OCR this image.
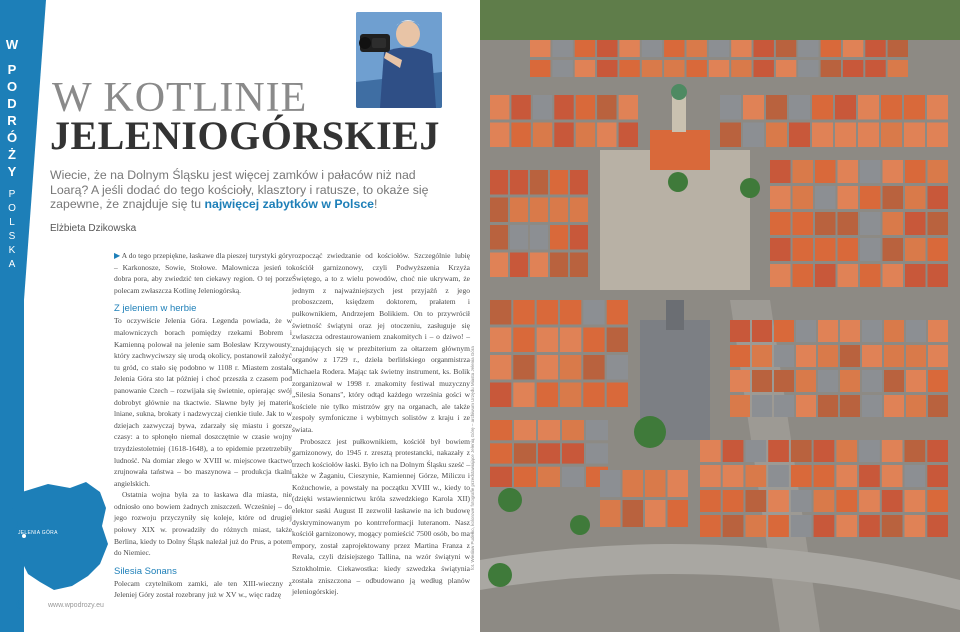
W
P
O
D
R
Ó
Ż
Y
P
O
L
S
K
A
W KOTLINIE
JELENIOGÓRSKIEJ
Wiecie, że na Dolnym Śląsku jest więcej zamków i pałaców niż nad Loarą? A jeśli dodać do tego kościoły, klasztory i ratusze, to okaże się zapewne, że znajduje się tu najwięcej zabytków w Polsce!
Elżbieta Dzikowska

▶ A do tego przepiękne, łaskawe dla pieszej turystyki góry – Karkonosze, Sowie, Stołowe. Malownicza jesień to dobra pora, aby zwiedzić ten ciekawy region. O tej porze polecam zwłaszcza Kotlinę Jeleniogórską.

Z jeleniem w herbie

To oczywiście Jelenia Góra. Legenda powiada, że w malowniczych borach pomiędzy rzekami Bobrem i Kamienną polował na jelenie sam Bolesław Krzywousty, który zachwyciwszy się urodą okolicy, postanowił założyć tu gród, co stało się podobno w 1108 r. Miastem została Jelenia Góra sto lat później i choć przeszła z czasem pod panowanie Czech – rozwijała się świetnie, opierając swój dobrobyt głównie na tkactwie. Sławne były jej materie lniane, sukna, brokaty i nadzwyczaj cienkie tiule. Jak to w dziejach zazwyczaj bywa, zdarzały się miastu i gorsze czasy: a to spłonęło niemal doszczętnie w czasie wojny trzydziestoletniej (1618-1648), a to epidemie przetrzebiły ludność. Na domiar złego w XVIII w. miejscowe tkactwo zrujnowała taństwa – bo maszynowa – produkcja tkalni angielskich.

Ostatnia wojna była za to łaskawa dla miasta, nie odniosło ono bowiem żadnych zniszczeń. Wcześniej – do jego rozwoju przyczyniły się koleje, które od drugiej połowy XIX w. prowadziły do różnych miast, także Berlina, kiedy to Dolny Śląsk należał już do Prus, a potem do Niemiec.

Silesia Sonans

Polecam czytelnikom zamki, ale ten XIII-wieczny z Jeleniej Góry został rozebrany już w XV w., więc radzę

rozpocząć zwiedzanie od kościołów. Szczególnie lubię kościół garnizonowy, czyli Podwyższenia Krzyża Świętego, a to z wielu powodów, choć nie ukrywam, że jednym z najważniejszych jest przyjaźń z jego proboszczem, księdzem doktorem, prałatem i pułkownikiem, Andrzejem Bolikiem. On to przywrócił świetność świątyni oraz jej otoczeniu, zasługuje się zwłaszcza odrestaurowaniem znakomitych i – o dziwo! – znajdujących się w prezbiterium za ołtarzem głównym organów z 1729 r., dzieła berlińskiego organmistrza Michaela Rodera. Mając tak świetny instrument, ks. Bolik zorganizował w 1998 r. znakomity festiwal muzyczny „Silesia Sonans", który odtąd każdego września gości w kościele nie tylko mistrzów gry na organach, ale także zespoły symfoniczne i wybitnych solistów z kraju i ze świata.

Proboszcz jest pułkownikiem, kościół był bowiem garnizonowy, do 1945 r. zresztą protestancki, nakazały z trzech kościołów łaski. Było ich na Dolnym Śląsku sześć – także w Żaganiu, Cieszynie, Kamiennej Górze, Miliczu i Kożuchowie, a powstały na początku XVIII w., kiedy to (dzięki wstawiennictwu króla szwedzkiego Karola XII) elektor saski August II zezwolił łaskawie na ich budowę dyskryminowanym po kontrreformacji luteranom. Nasz kościół garnizonowy, mogący pomieścić 7500 osób, bo ma empory, został zaprojektowany przez Martina Franza z Revala, czyli dzisiejszego Tallina, na wzór świątyni w Sztokholmie. Ciekawostka: kiedy szwedzka świątynia została zniszczona – odbudowano ją według planów jeleniogórskiej.

JELENIA GÓRA
6	www.wpodrozy.eu
fot. Wiesław Pudełko, kolorowe fotografie przedstawiające Jelenią Górę – archiwum Urzędu Miasta Jelenia Góra
